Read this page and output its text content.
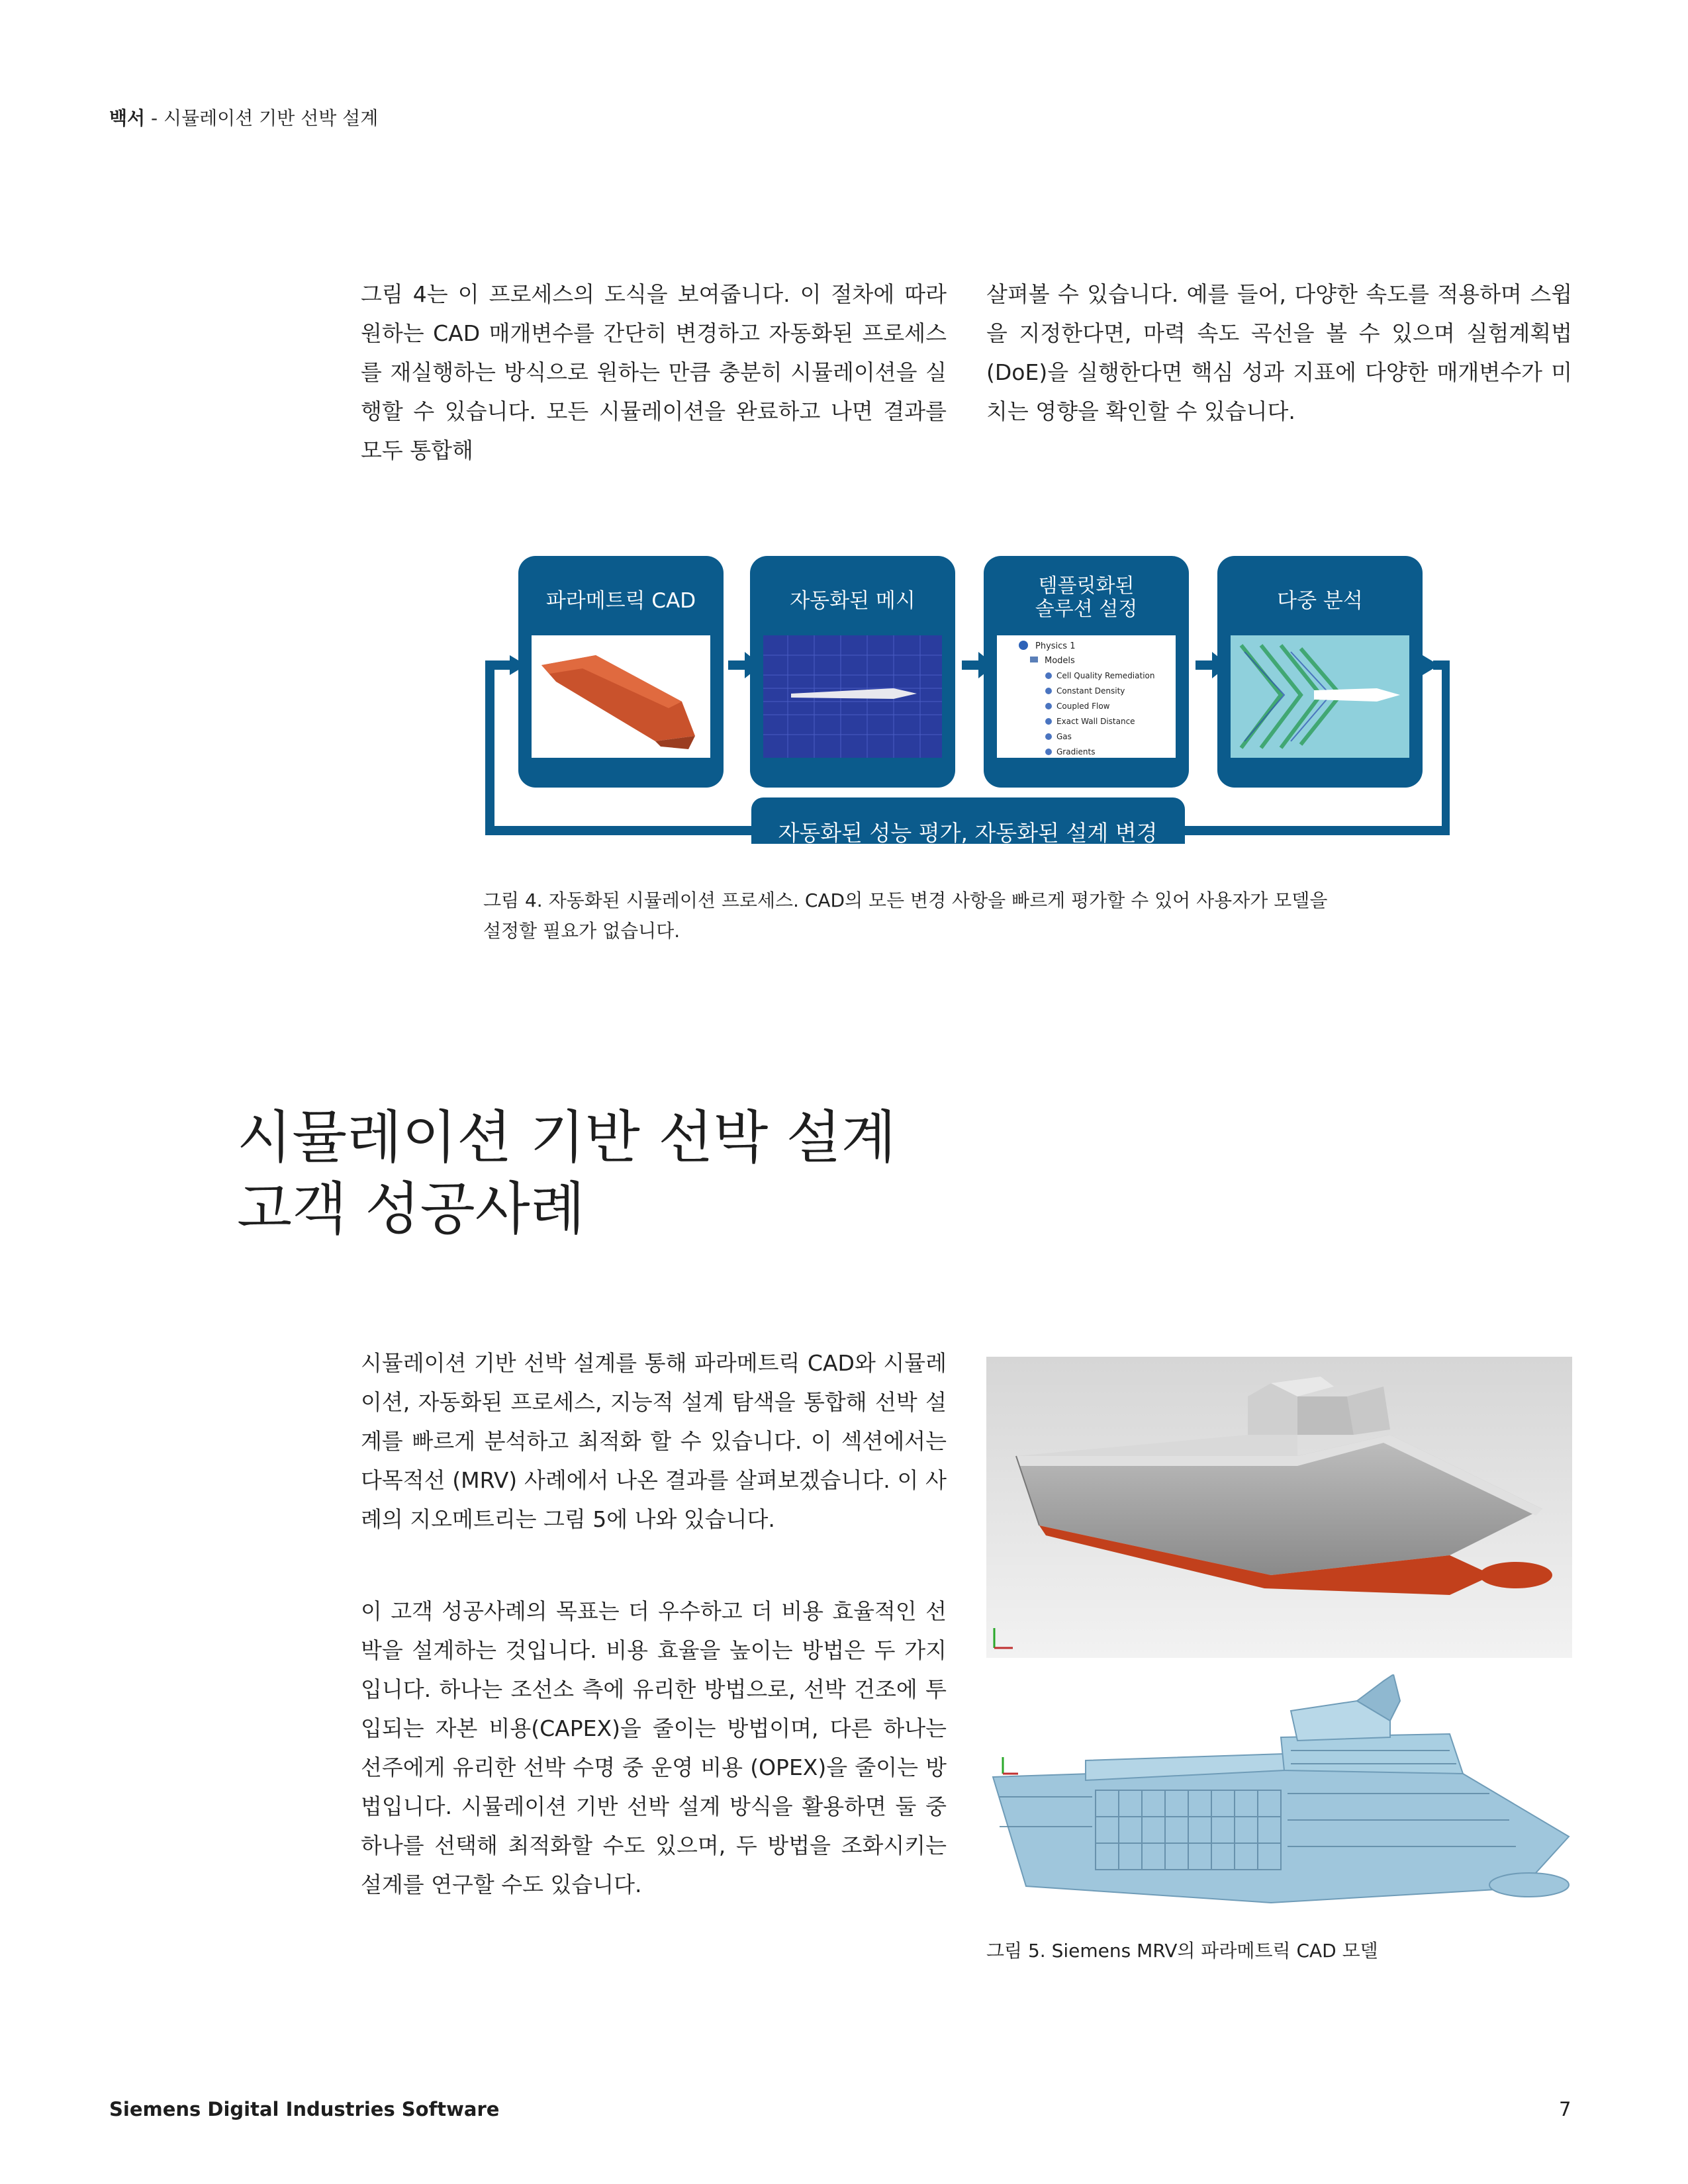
백서 - 시뮬레이션 기반 선박 설계

그림 4는 이 프로세스의 도식을 보여줍니다. 이 절차에 따라 원하는 CAD 매개변수를 간단히 변경하고 자동화된 프로세스를 재실행하는 방식으로 원하는 만큼 충분히 시뮬레이션을 실행할 수 있습니다. 모든 시뮬레이션을 완료하고 나면 결과를 모두 통합해

살펴볼 수 있습니다. 예를 들어, 다양한 속도를 적용하며 스윕을 지정한다면, 마력 속도 곡선을 볼 수 있으며 실험계획법(DoE)을 실행한다면 핵심 성과 지표에 다양한 매개변수가 미치는 영향을 확인할 수 있습니다.

자동화된 성능 평가, 자동화된 설계 변경
파라메트릭 CAD	자동화된 메시
템플릿화된
솔루션 설정
Physics 1
Models
Cell Quality Remediation
Constant Density
Coupled Flow
Exact Wall Distance
Gas
Gradients
다중 분석
그림 4. 자동화된 시뮬레이션 프로세스. CAD의 모든 변경 사항을 빠르게 평가할 수 있어 사용자가 모델을
설정할 필요가 없습니다.
시뮬레이션 기반 선박 설계
고객 성공사례

시뮬레이션 기반 선박 설계를 통해 파라메트릭 CAD와 시뮬레이션, 자동화된 프로세스, 지능적 설계 탐색을 통합해 선박 설계를 빠르게 분석하고 최적화 할 수 있습니다. 이 섹션에서는 다목적선 (MRV) 사례에서 나온 결과를 살펴보겠습니다. 이 사례의 지오메트리는 그림 5에 나와 있습니다.

이 고객 성공사례의 목표는 더 우수하고 더 비용 효율적인 선박을 설계하는 것입니다. 비용 효율을 높이는 방법은 두 가지입니다. 하나는 조선소 측에 유리한 방법으로, 선박 건조에 투입되는 자본 비용(CAPEX)을 줄이는 방법이며, 다른 하나는 선주에게 유리한 선박 수명 중 운영 비용 (OPEX)을 줄이는 방법입니다. 시뮬레이션 기반 선박 설계 방식을 활용하면 둘 중 하나를 선택해 최적화할 수도 있으며, 두 방법을 조화시키는 설계를 연구할 수도 있습니다.

그림 5. Siemens MRV의 파라메트릭 CAD 모델
Siemens Digital Industries Software	7
